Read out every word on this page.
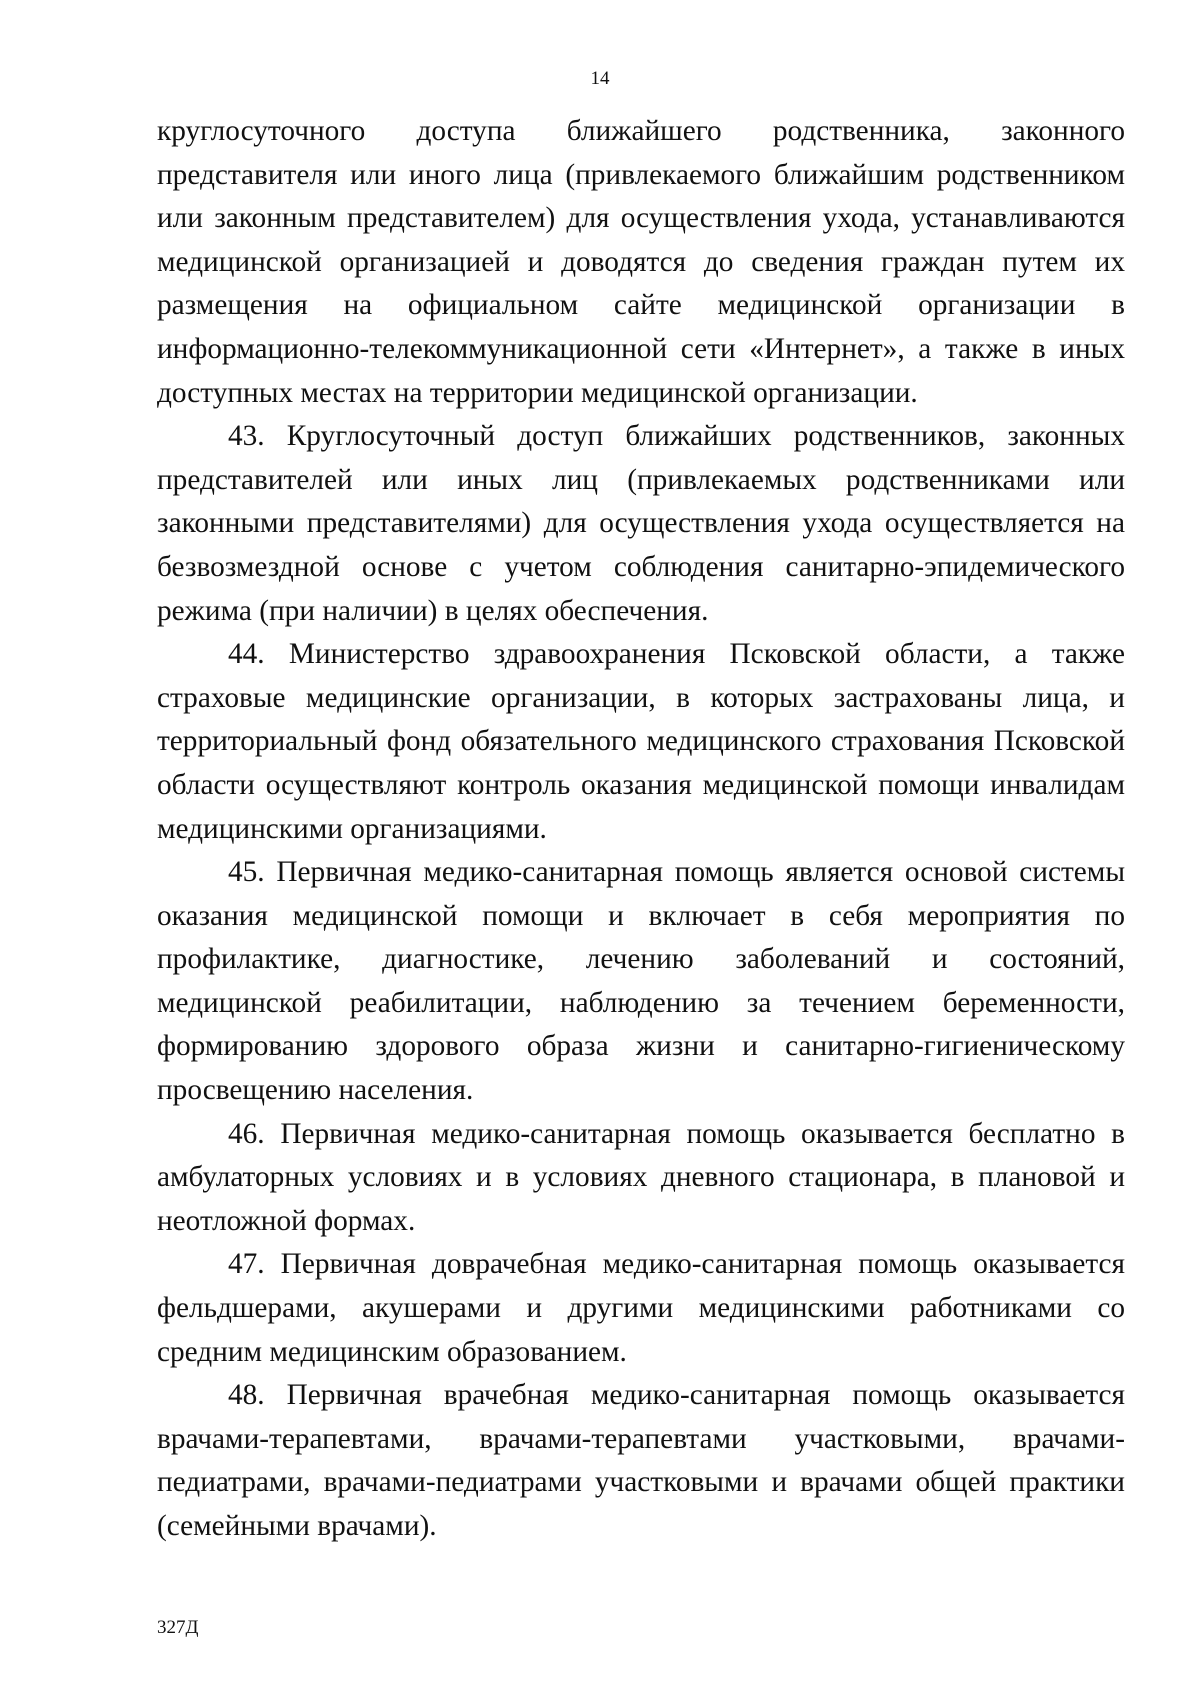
14

круглосуточного доступа ближайшего родственника, законного представителя или иного лица (привлекаемого ближайшим родственником или законным представителем) для осуществления ухода, устанавливаются медицинской организацией и доводятся до сведения граждан путем их размещения на официальном сайте медицинской организации в информационно-телекоммуникационной сети «Интернет», а также в иных доступных местах на территории медицинской организации.

43. Круглосуточный доступ ближайших родственников, законных представителей или иных лиц (привлекаемых родственниками или законными представителями) для осуществления ухода осуществляется на безвозмездной основе с учетом соблюдения санитарно-эпидемического режима (при наличии) в целях обеспечения.

44. Министерство здравоохранения Псковской области, а также страховые медицинские организации, в которых застрахованы лица, и территориальный фонд обязательного медицинского страхования Псковской области осуществляют контроль оказания медицинской помощи инвалидам медицинскими организациями.

45. Первичная медико-санитарная помощь является основой системы оказания медицинской помощи и включает в себя мероприятия по профилактике, диагностике, лечению заболеваний и состояний, медицинской реабилитации, наблюдению за течением беременности, формированию здорового образа жизни и санитарно-гигиеническому просвещению населения.

46. Первичная медико-санитарная помощь оказывается бесплатно в амбулаторных условиях и в условиях дневного стационара, в плановой и неотложной формах.

47. Первичная доврачебная медико-санитарная помощь оказывается фельдшерами, акушерами и другими медицинскими работниками со средним медицинским образованием.

48. Первичная врачебная медико-санитарная помощь оказывается врачами-терапевтами, врачами-терапевтами участковыми, врачами-педиатрами, врачами-педиатрами участковыми и врачами общей практики (семейными врачами).

327Д
